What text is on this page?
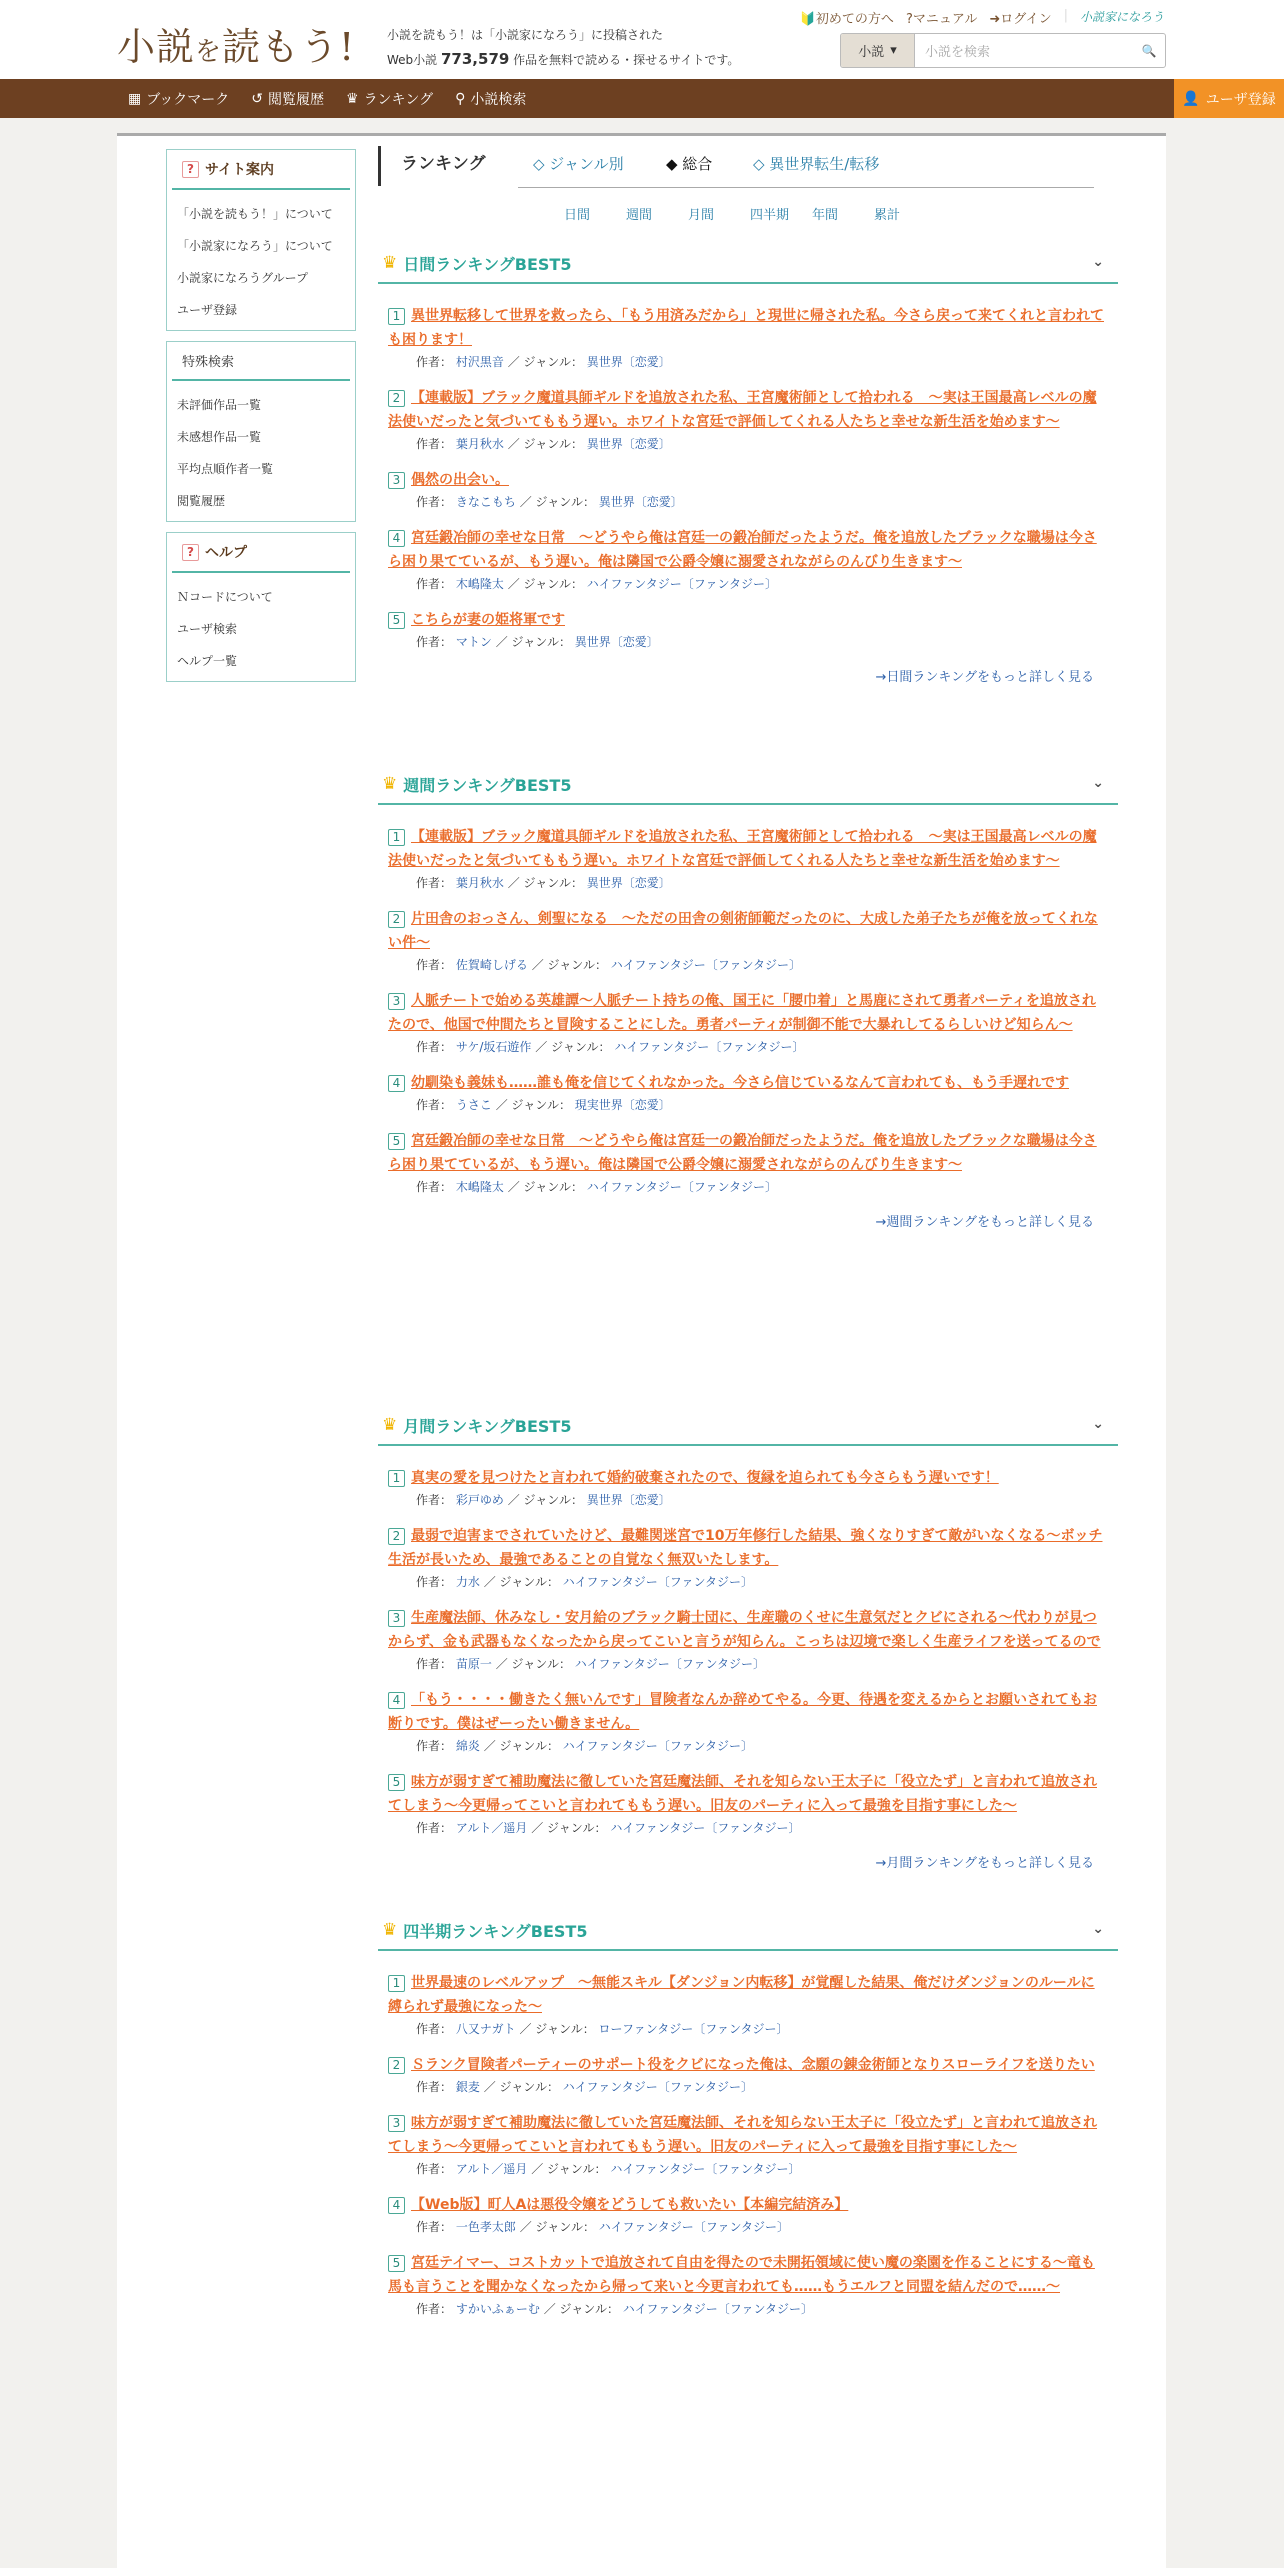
小説を読もう!	小説を読もう！は「小説家になろう」に投稿された
Web小説 773,579 作品を無料で読める・探せるサイトです。
🔰初めての方へ ?マニュアル ➜ログイン | 小説家になろう
小説 ▾	小説を検索	🔍
▦ ブックマーク ↺ 閲覧履歴 ♛ ランキング ⚲ 小説検索	👤 ユーザ登録
? サイト案内
「小説を読もう！」について
「小説家になろう」について
小説家になろうグループ
ユーザ登録
特殊検索
未評価作品一覧
未感想作品一覧
平均点順作者一覧
閲覧履歴
? ヘルプ
Ｎコードについて
ユーザ検索
ヘルプ一覧
ランキング	◇ ジャンル別	◆ 総合	◇ 異世界転生/転移
日間	週間	月間	四半期	年間	累計
♛ 日間ランキングBEST5	⌄
1 異世界転移して世界を救ったら、「もう用済みだから」と現世に帰された私。今さら戻って来てくれと言われても困ります！
作者： 村沢黒音 ／ ジャンル： 異世界〔恋愛〕
2 【連載版】ブラック魔道具師ギルドを追放された私、王宮魔術師として拾われる　～実は王国最高レベルの魔法使いだったと気づいてももう遅い。ホワイトな宮廷で評価してくれる人たちと幸せな新生活を始めます～
作者： 葉月秋水 ／ ジャンル： 異世界〔恋愛〕
3 偶然の出会い。
作者： きなこもち ／ ジャンル： 異世界〔恋愛〕
4 宮廷鍛冶師の幸せな日常　～どうやら俺は宮廷一の鍛冶師だったようだ。俺を追放したブラックな職場は今さら困り果てているが、もう遅い。俺は隣国で公爵令嬢に溺愛されながらのんびり生きます～
作者： 木嶋隆太 ／ ジャンル： ハイファンタジー〔ファンタジー〕
5 こちらが妻の姫将軍です
作者： マトン ／ ジャンル： 異世界〔恋愛〕
→日間ランキングをもっと詳しく見る
♛ 週間ランキングBEST5	⌄
1 【連載版】ブラック魔道具師ギルドを追放された私、王宮魔術師として拾われる　～実は王国最高レベルの魔法使いだったと気づいてももう遅い。ホワイトな宮廷で評価してくれる人たちと幸せな新生活を始めます～
作者： 葉月秋水 ／ ジャンル： 異世界〔恋愛〕
2 片田舎のおっさん、剣聖になる　～ただの田舎の剣術師範だったのに、大成した弟子たちが俺を放ってくれない件～
作者： 佐賀崎しげる ／ ジャンル： ハイファンタジー〔ファンタジー〕
3 人脈チートで始める英雄譚～人脈チート持ちの俺、国王に「腰巾着」と馬鹿にされて勇者パーティを追放されたので、他国で仲間たちと冒険することにした。勇者パーティが制御不能で大暴れしてるらしいけど知らん～
作者： サケ/坂石遊作 ／ ジャンル： ハイファンタジー〔ファンタジー〕
4 幼馴染も義妹も……誰も俺を信じてくれなかった。今さら信じているなんて言われても、もう手遅れです
作者： うさこ ／ ジャンル： 現実世界〔恋愛〕
5 宮廷鍛冶師の幸せな日常　～どうやら俺は宮廷一の鍛冶師だったようだ。俺を追放したブラックな職場は今さら困り果てているが、もう遅い。俺は隣国で公爵令嬢に溺愛されながらのんびり生きます～
作者： 木嶋隆太 ／ ジャンル： ハイファンタジー〔ファンタジー〕
→週間ランキングをもっと詳しく見る
♛ 月間ランキングBEST5	⌄
1 真実の愛を見つけたと言われて婚約破棄されたので、復縁を迫られても今さらもう遅いです！
作者： 彩戸ゆめ ／ ジャンル： 異世界〔恋愛〕
2 最弱で迫害までされていたけど、最難関迷宮で10万年修行した結果、強くなりすぎて敵がいなくなる～ボッチ生活が長いため、最強であることの自覚なく無双いたします。
作者： 力水 ／ ジャンル： ハイファンタジー〔ファンタジー〕
3 生産魔法師、休みなし・安月給のブラック騎士団に、生産職のくせに生意気だとクビにされる～代わりが見つからず、金も武器もなくなったから戻ってこいと言うが知らん。こっちは辺境で楽しく生産ライフを送ってるので
作者： 苗原一 ／ ジャンル： ハイファンタジー〔ファンタジー〕
4 「もう・・・・働きたく無いんです」冒険者なんか辞めてやる。今更、待遇を変えるからとお願いされてもお断りです。僕はぜーったい働きません。
作者： 綿炎 ／ ジャンル： ハイファンタジー〔ファンタジー〕
5 味方が弱すぎて補助魔法に徹していた宮廷魔法師、それを知らない王太子に「役立たず」と言われて追放されてしまう～今更帰ってこいと言われてももう遅い。旧友のパーティに入って最強を目指す事にした～
作者： アルト／遥月 ／ ジャンル： ハイファンタジー〔ファンタジー〕
→月間ランキングをもっと詳しく見る
♛ 四半期ランキングBEST5	⌄
1 世界最速のレベルアップ　～無能スキル【ダンジョン内転移】が覚醒した結果、俺だけダンジョンのルールに縛られず最強になった～
作者： 八又ナガト ／ ジャンル： ローファンタジー〔ファンタジー〕
2 Ｓランク冒険者パーティーのサポート役をクビになった俺は、念願の錬金術師となりスローライフを送りたい
作者： 銀麦 ／ ジャンル： ハイファンタジー〔ファンタジー〕
3 味方が弱すぎて補助魔法に徹していた宮廷魔法師、それを知らない王太子に「役立たず」と言われて追放されてしまう～今更帰ってこいと言われてももう遅い。旧友のパーティに入って最強を目指す事にした～
作者： アルト／遥月 ／ ジャンル： ハイファンタジー〔ファンタジー〕
4 【Web版】町人Aは悪役令嬢をどうしても救いたい【本編完結済み】
作者： 一色孝太郎 ／ ジャンル： ハイファンタジー〔ファンタジー〕
5 宮廷テイマー、コストカットで追放されて自由を得たので未開拓領域に使い魔の楽園を作ることにする～竜も馬も言うことを聞かなくなったから帰って来いと今更言われても……もうエルフと同盟を結んだので……～
作者： すかいふぁーむ ／ ジャンル： ハイファンタジー〔ファンタジー〕
